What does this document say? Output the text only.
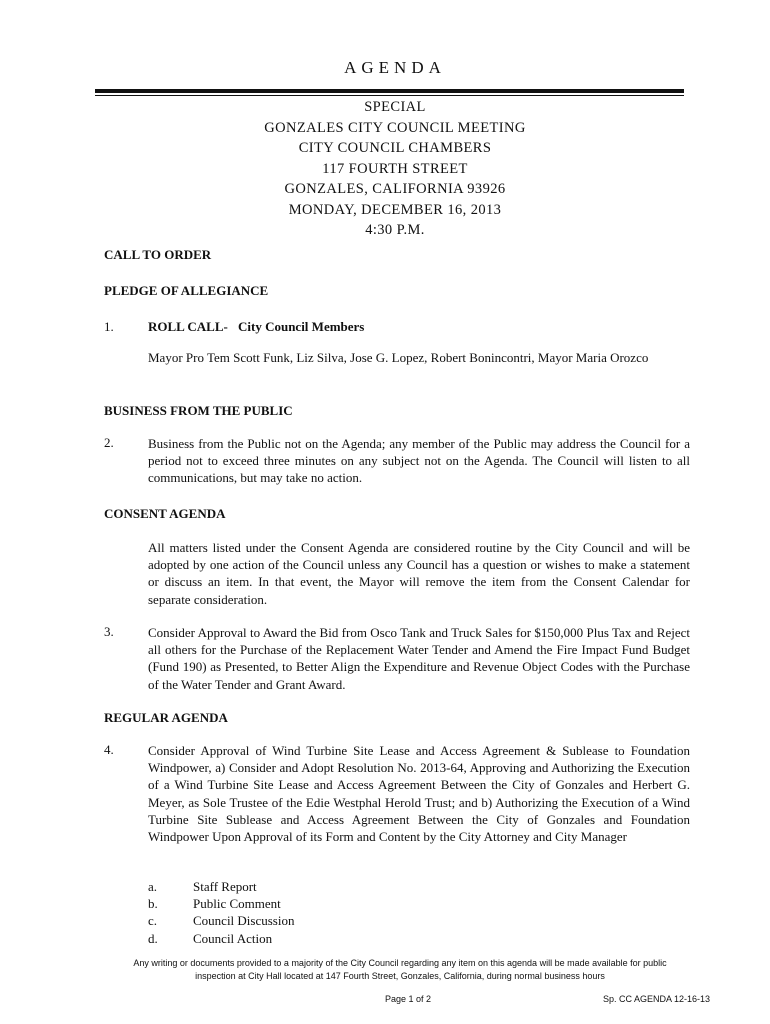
AGENDA
SPECIAL
GONZALES CITY COUNCIL MEETING
CITY COUNCIL CHAMBERS
117 FOURTH STREET
GONZALES, CALIFORNIA 93926
MONDAY, DECEMBER 16, 2013
4:30 P.M.
CALL TO ORDER
PLEDGE OF ALLEGIANCE
1.	ROLL CALL- City Council Members
Mayor Pro Tem Scott Funk, Liz Silva, Jose G. Lopez, Robert Bonincontri, Mayor Maria Orozco
BUSINESS FROM THE PUBLIC
2.	Business from the Public not on the Agenda; any member of the Public may address the Council for a period not to exceed three minutes on any subject not on the Agenda. The Council will listen to all communications, but may take no action.
CONSENT AGENDA
All matters listed under the Consent Agenda are considered routine by the City Council and will be adopted by one action of the Council unless any Council has a question or wishes to make a statement or discuss an item. In that event, the Mayor will remove the item from the Consent Calendar for separate consideration.
3.	Consider Approval to Award the Bid from Osco Tank and Truck Sales for $150,000 Plus Tax and Reject all others for the Purchase of the Replacement Water Tender and Amend the Fire Impact Fund Budget (Fund 190) as Presented, to Better Align the Expenditure and Revenue Object Codes with the Purchase of the Water Tender and Grant Award.
REGULAR AGENDA
4.	Consider Approval of Wind Turbine Site Lease and Access Agreement & Sublease to Foundation Windpower, a) Consider and Adopt Resolution No. 2013-64, Approving and Authorizing the Execution of a Wind Turbine Site Lease and Access Agreement Between the City of Gonzales and Herbert G. Meyer, as Sole Trustee of the Edie Westphal Herold Trust; and b) Authorizing the Execution of a Wind Turbine Site Sublease and Access Agreement Between the City of Gonzales and Foundation Windpower Upon Approval of its Form and Content by the City Attorney and City Manager
a.	Staff Report
b.	Public Comment
c.	Council Discussion
d.	Council Action
Any writing or documents provided to a majority of the City Council regarding any item on this agenda will be made available for public
inspection at City Hall located at 147 Fourth Street, Gonzales, California, during normal business hours
Page 1 of 2	Sp. CC AGENDA 12-16-13
